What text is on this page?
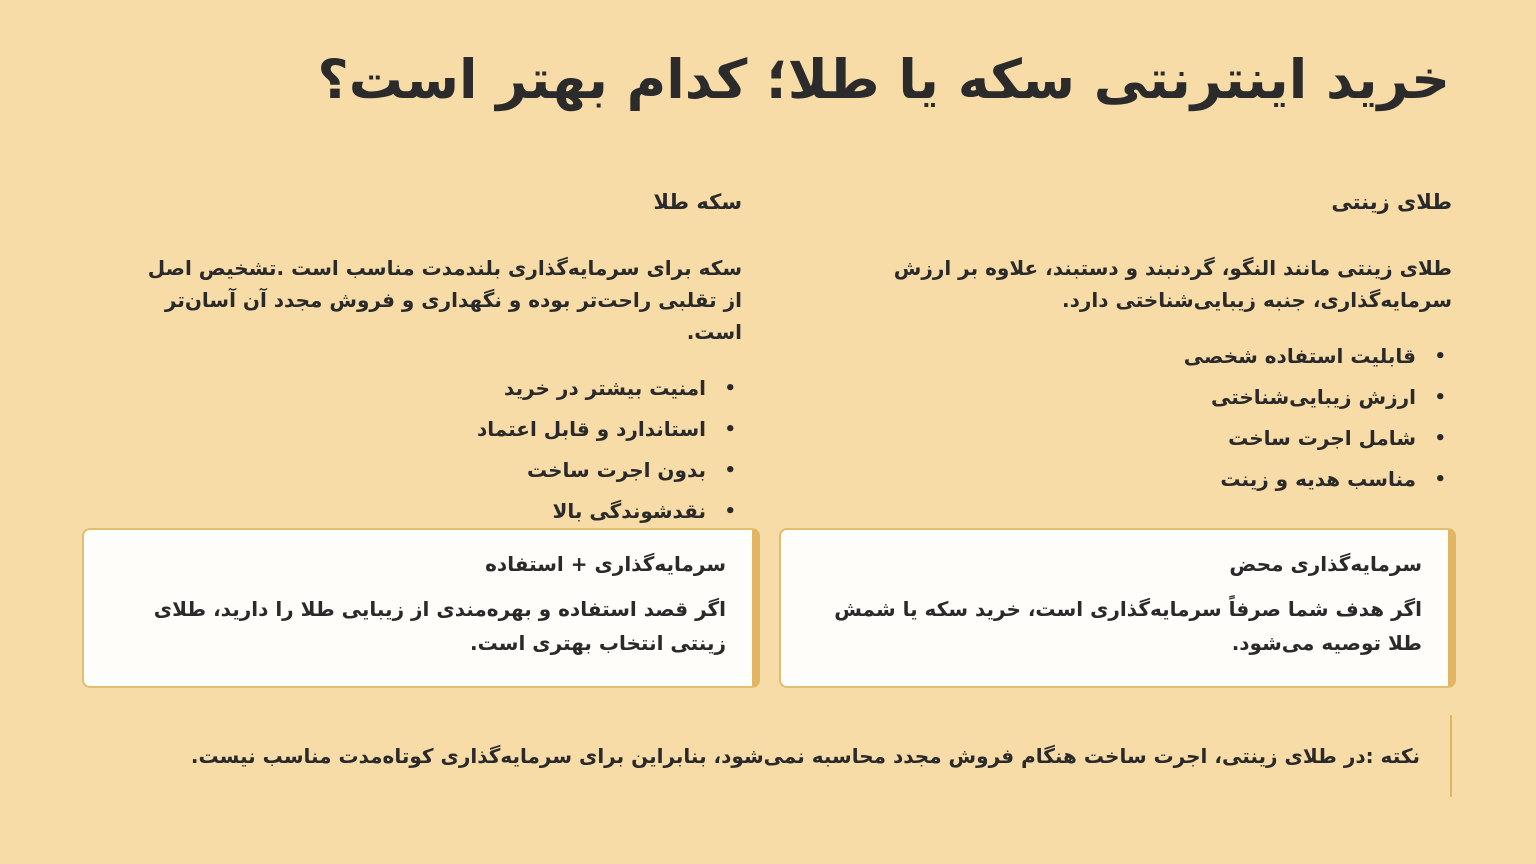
خرید اینترنتی سکه یا طلا؛ کدام بهتر است؟
طلای زینتی

طلای زینتی مانند النگو، گردنبند و دستبند، علاوه بر ارزش سرمایه‌گذاری، جنبه زیبایی‌شناختی دارد.

•
قابلیت استفاده شخصی
•
ارزش زیبایی‌شناختی
•
شامل اجرت ساخت
•
مناسب هدیه و زینت
سکه طلا

سکه برای سرمایه‌گذاری بلندمدت مناسب است .تشخیص اصل از تقلبی راحت‌تر بوده و نگهداری و فروش مجدد آن آسان‌تر است.

•
امنیت بیشتر در خرید
•
استاندارد و قابل اعتماد
•
بدون اجرت ساخت
•
نقدشوندگی بالا
سرمایه‌گذاری محض

اگر هدف شما صرفاً سرمایه‌گذاری است، خرید سکه یا شمش طلا توصیه می‌شود.

سرمایه‌گذاری + استفاده

اگر قصد استفاده و بهره‌مندی از زیبایی طلا را دارید، طلای زینتی انتخاب بهتری است.

نکته :در طلای زینتی، اجرت ساخت هنگام فروش مجدد محاسبه نمی‌شود، بنابراین برای سرمایه‌گذاری کوتاه‌مدت مناسب نیست.
